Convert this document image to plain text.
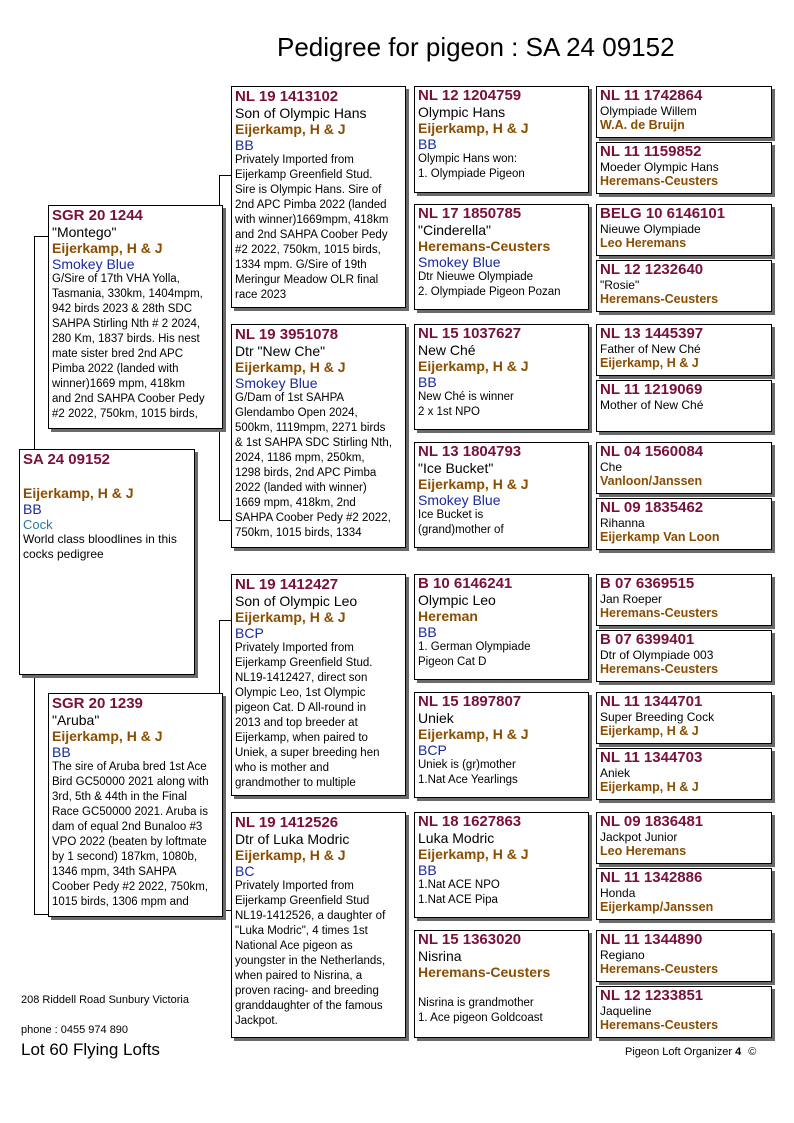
Pedigree for pigeon : SA 24 09152
SA 24 09152
Eijerkamp, H & J
BB
Cock
World class bloodlines in this cocks pedigree
SGR 20 1244
"Montego"
Eijerkamp, H & J
Smokey Blue
G/Sire of 17th VHA Yolla,
Tasmania, 330km, 1404mpm,
942 birds 2023 & 28th SDC
SAHPA Stirling Nth # 2 2024,
280 Km, 1837 birds. His nest
mate sister bred 2nd APC
Pimba 2022 (landed with
winner)1669 mpm, 418km
and 2nd SAHPA Coober Pedy
#2 2022, 750km, 1015 birds,
SGR 20 1239
"Aruba"
Eijerkamp, H & J
BB
The sire of Aruba bred 1st Ace
Bird GC50000 2021 along with
3rd, 5th & 44th in the Final
Race GC50000 2021. Aruba is
dam of equal 2nd Bunaloo #3
VPO 2022 (beaten by loftmate
by 1 second) 187km, 1080b,
1346 mpm, 34th SAHPA
Coober Pedy #2 2022, 750km,
1015 birds, 1306 mpm and
NL 19 1413102
Son of Olympic Hans
Eijerkamp, H & J
BB
Privately Imported from
Eijerkamp Greenfield Stud.
Sire is Olympic Hans. Sire of
2nd APC Pimba 2022 (landed
with winner)1669mpm, 418km
and 2nd SAHPA Coober Pedy
#2 2022, 750km, 1015 birds,
1334 mpm. G/Sire of 19th
Meringur Meadow OLR final
race 2023
NL 19 3951078
Dtr "New Che"
Eijerkamp, H & J
Smokey Blue
G/Dam of 1st SAHPA
Glendambo Open 2024,
500km, 1119mpm, 2271 birds
& 1st SAHPA SDC Stirling Nth,
2024, 1186 mpm, 250km,
1298 birds, 2nd APC Pimba
2022 (landed with winner)
1669 mpm, 418km, 2nd
SAHPA Coober Pedy #2 2022,
750km, 1015 birds, 1334
NL 19 1412427
Son of Olympic Leo
Eijerkamp, H & J
BCP
Privately Imported from
Eijerkamp Greenfield Stud.
NL19-1412427, direct son
Olympic Leo, 1st Olympic
pigeon Cat. D All-round in
2013 and top breeder at
Eijerkamp, when paired to
Uniek, a super breeding hen
who is mother and
grandmother to multiple
NL 19 1412526
Dtr of Luka Modric
Eijerkamp, H & J
BC
Privately Imported from
Eijerkamp Greenfield Stud
NL19-1412526, a daughter of
"Luka Modric", 4 times 1st
National Ace pigeon as
youngster in the Netherlands,
when paired to Nisrina, a
proven racing- and breeding
granddaughter of the famous
Jackpot.
NL 12 1204759
Olympic Hans
Eijerkamp, H & J
BB
Olympic Hans won:
1. Olympiade Pigeon
NL 17 1850785
"Cinderella"
Heremans-Ceusters
Smokey Blue
Dtr Nieuwe Olympiade
2. Olympiade Pigeon Pozan
NL 15 1037627
New Ché
Eijerkamp, H & J
BB
New Ché is winner
2 x 1st NPO
NL 13 1804793
"Ice Bucket"
Eijerkamp, H & J
Smokey Blue
Ice Bucket is
(grand)mother of
B 10 6146241
Olympic Leo
Hereman
BB
1. German Olympiade
Pigeon Cat D
NL 15 1897807
Uniek
Eijerkamp, H & J
BCP
Uniek is (gr)mother
1.Nat Ace Yearlings
NL 18 1627863
Luka Modric
Eijerkamp, H & J
BB
1.Nat ACE NPO
1.Nat ACE Pipa
NL 15 1363020
Nisrina
Heremans-Ceusters
Nisrina is grandmother
1. Ace pigeon Goldcoast
NL 11 1742864
Olympiade Willem
W.A. de Bruijn
NL 11 1159852
Moeder Olympic Hans
Heremans-Ceusters
BELG 10 6146101
Nieuwe Olympiade
Leo Heremans
NL 12 1232640
"Rosie"
Heremans-Ceusters
NL 13 1445397
Father of New Ché
Eijerkamp, H & J
NL 11 1219069
Mother of New Ché
NL 04 1560084
Che
Vanloon/Janssen
NL 09 1835462
Rihanna
Eijerkamp Van Loon
B 07 6369515
Jan Roeper
Heremans-Ceusters
B 07 6399401
Dtr of Olympiade 003
Heremans-Ceusters
NL 11 1344701
Super Breeding Cock
Eijerkamp, H & J
NL 11 1344703
Aniek
Eijerkamp, H & J
NL 09 1836481
Jackpot Junior
Leo Heremans
NL 11 1342886
Honda
Eijerkamp/Janssen
NL 11 1344890
Regiano
Heremans-Ceusters
NL 12 1233851
Jaqueline
Heremans-Ceusters
208 Riddell Road Sunbury Victoria
phone : 0455 974 890
Lot 60 Flying Lofts	Pigeon Loft Organizer 4 ©
